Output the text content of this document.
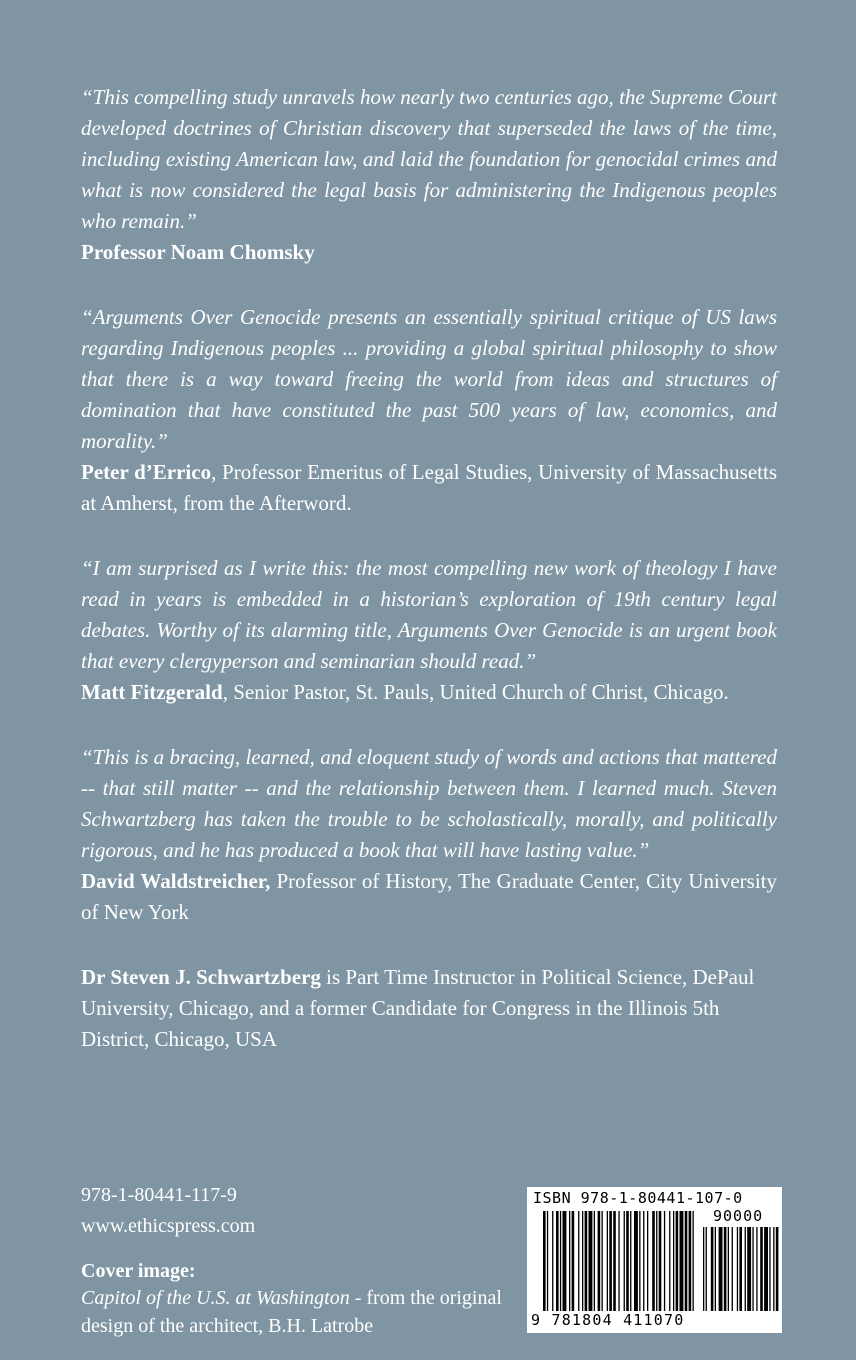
“This compelling study unravels how nearly two centuries ago, the Supreme Court developed doctrines of Christian discovery that superseded the laws of the time, including existing American law, and laid the foundation for genocidal crimes and what is now considered the legal basis for administering the Indigenous peoples who remain.”

Professor Noam Chomsky

“Arguments Over Genocide presents an essentially spiritual critique of US laws regarding Indigenous peoples ... providing a global spiritual philosophy to show that there is a way toward freeing the world from ideas and structures of domination that have constituted the past 500 years of law, economics, and morality.”

Peter d’Errico, Professor Emeritus of Legal Studies, University of Massachusetts at Amherst, from the Afterword.

“I am surprised as I write this: the most compelling new work of theology I have read in years is embedded in a historian’s exploration of 19th century legal debates. Worthy of its alarming title, Arguments Over Genocide is an urgent book that every clergyperson and seminarian should read.”

Matt Fitzgerald, Senior Pastor, St. Pauls, United Church of Christ, Chicago.

“This is a bracing, learned, and eloquent study of words and actions that mattered -- that still matter -- and the relationship between them. I learned much. Steven Schwartzberg has taken the trouble to be scholastically, morally, and politically rigorous, and he has produced a book that will have lasting value.”

David Waldstreicher, Professor of History, The Graduate Center, City University of New York

Dr Steven J. Schwartzberg is Part Time Instructor in Political Science, DePaul University, Chicago, and a former Candidate for Congress in the Illinois 5th District, Chicago, USA

978-1-80441-117-9

www.ethicspress.com

Cover image:

Capitol of the U.S. at Washington - from the original design of the architect, B.H. Latrobe

ISBN 978-1-80441-107-0
90000
9 781804 411070
